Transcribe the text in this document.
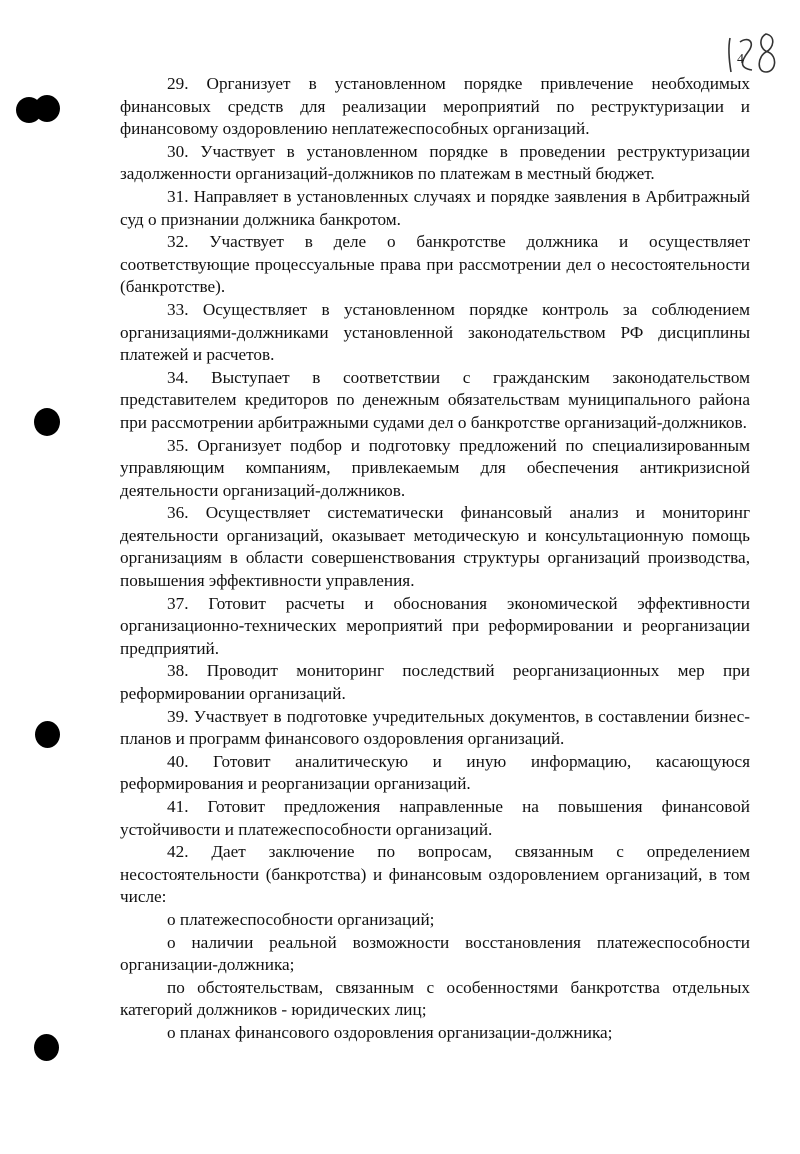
4

29. Организует в установленном порядке привлечение необходимых финансовых средств для реализации мероприятий по реструктуризации и финансовому оздоровлению неплатежеспособных организаций.

30. Участвует в установленном порядке в проведении реструктуризации задолженности организаций-должников по платежам в местный бюджет.

31. Направляет в установленных случаях и порядке заявления в Арбитражный суд о признании должника банкротом.

32. Участвует в деле о банкротстве должника и осуществляет соответствующие процессуальные права при рассмотрении дел о несостоятельности (банкротстве).

33. Осуществляет в установленном порядке контроль за соблюдением организациями-должниками установленной законодательством РФ дисциплины платежей и расчетов.

34. Выступает в соответствии с гражданским законодательством представителем кредиторов по денежным обязательствам муниципального района при рассмотрении арбитражными судами дел о банкротстве организаций-должников.

35. Организует подбор и подготовку предложений по специализированным управляющим компаниям, привлекаемым для обеспечения антикризисной деятельности организаций-должников.

36. Осуществляет систематически финансовый анализ и мониторинг деятельности организаций, оказывает методическую и консультационную помощь организациям в области совершенствования структуры организаций производства, повышения эффективности управления.

37. Готовит расчеты и обоснования экономической эффективности организационно-технических мероприятий при реформировании и реорганизации предприятий.

38. Проводит мониторинг последствий реорганизационных мер при реформировании организаций.

39. Участвует в подготовке учредительных документов, в составлении бизнес-планов и программ финансового оздоровления организаций.

40. Готовит аналитическую и иную информацию, касающуюся реформирования и реорганизации организаций.

41. Готовит предложения направленные на повышения финансовой устойчивости и платежеспособности организаций.

42. Дает заключение по вопросам, связанным с определением несостоятельности (банкротства) и финансовым оздоровлением организаций, в том числе:

о платежеспособности организаций;

о наличии реальной возможности восстановления платежеспособности организации-должника;

по обстоятельствам, связанным с особенностями банкротства отдельных категорий должников - юридических лиц;

о планах финансового оздоровления организации-должника;
